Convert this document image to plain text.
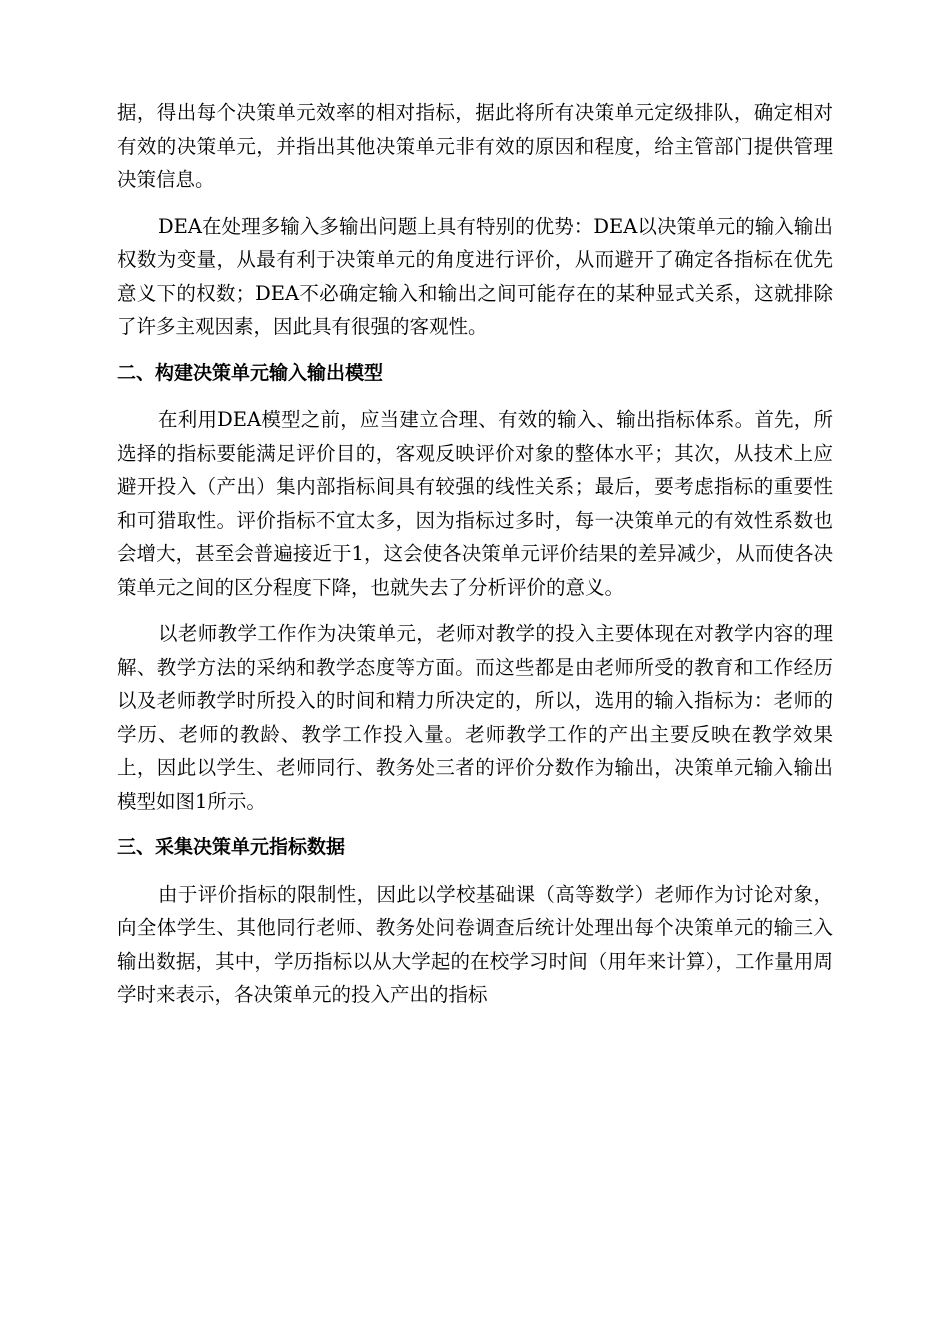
据，得出每个决策单元效率的相对指标，据此将所有决策单元定级排队，确定相对有效的决策单元，并指出其他决策单元非有效的原因和程度，给主管部门提供管理决策信息。

DEA在处理多输入多输出问题上具有特别的优势：DEA以决策单元的输入输出权数为变量，从最有利于决策单元的角度进行评价，从而避开了确定各指标在优先意义下的权数；DEA不必确定输入和输出之间可能存在的某种显式关系，这就排除了许多主观因素，因此具有很强的客观性。

二、构建决策单元输入输出模型

在利用DEA模型之前，应当建立合理、有效的输入、输出指标体系。首先，所选择的指标要能满足评价目的，客观反映评价对象的整体水平；其次，从技术上应避开投入（产出）集内部指标间具有较强的线性关系；最后，要考虑指标的重要性和可猎取性。评价指标不宜太多，因为指标过多时，每一决策单元的有效性系数也会增大，甚至会普遍接近于1，这会使各决策单元评价结果的差异减少，从而使各决策单元之间的区分程度下降，也就失去了分析评价的意义。

以老师教学工作作为决策单元，老师对教学的投入主要体现在对教学内容的理解、教学方法的采纳和教学态度等方面。而这些都是由老师所受的教育和工作经历以及老师教学时所投入的时间和精力所决定的，所以，选用的输入指标为：老师的学历、老师的教龄、教学工作投入量。老师教学工作的产出主要反映在教学效果上，因此以学生、老师同行、教务处三者的评价分数作为输出，决策单元输入输出模型如图1所示。

三、采集决策单元指标数据

由于评价指标的限制性，因此以学校基础课（高等数学）老师作为讨论对象，向全体学生、其他同行老师、教务处问卷调查后统计处理出每个决策单元的输三入输出数据，其中，学历指标以从大学起的在校学习时间（用年来计算），工作量用周学时来表示，各决策单元的投入产出的指标
